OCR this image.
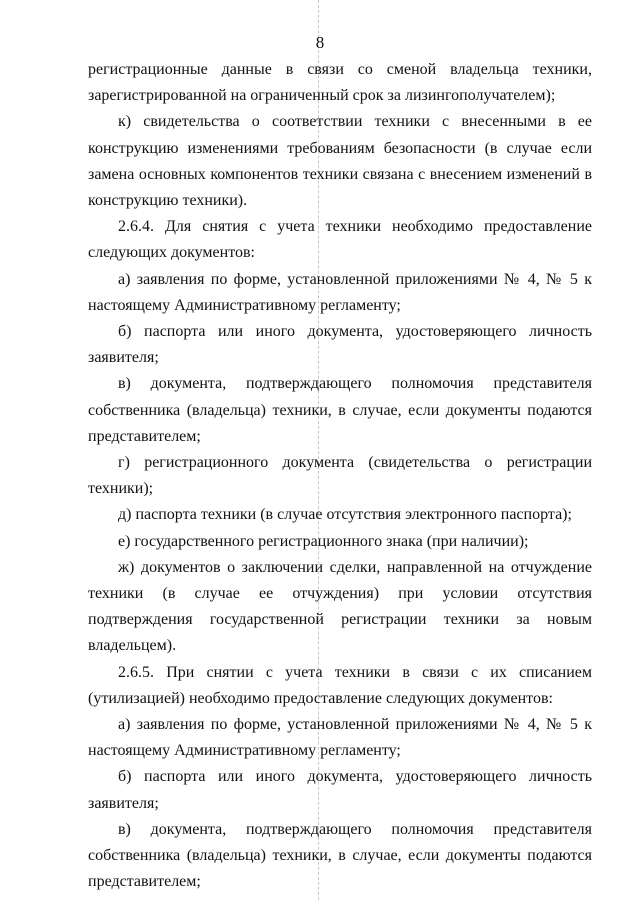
8

регистрационные данные в связи со сменой владельца техники, зарегистрированной на ограниченный срок за лизингополучателем);

к) свидетельства о соответствии техники с внесенными в ее конструкцию изменениями требованиям безопасности (в случае если замена основных компонентов техники связана с внесением изменений в конструкцию техники).

2.6.4. Для снятия с учета техники необходимо предоставление следующих документов:

а) заявления по форме, установленной приложениями № 4, № 5 к настоящему Административному регламенту;

б) паспорта или иного документа, удостоверяющего личность заявителя;

в) документа, подтверждающего полномочия представителя собственника (владельца) техники, в случае, если документы подаются представителем;

г) регистрационного документа (свидетельства о регистрации техники);

д) паспорта техники (в случае отсутствия электронного паспорта);

е) государственного регистрационного знака (при наличии);

ж) документов о заключении сделки, направленной на отчуждение техники (в случае ее отчуждения) при условии отсутствия подтверждения государственной регистрации техники за новым владельцем).

2.6.5. При снятии с учета техники в связи с их списанием (утилизацией) необходимо предоставление следующих документов:

а) заявления по форме, установленной приложениями № 4, № 5 к настоящему Административному регламенту;

б) паспорта или иного документа, удостоверяющего личность заявителя;

в) документа, подтверждающего полномочия представителя собственника (владельца) техники, в случае, если документы подаются представителем;
